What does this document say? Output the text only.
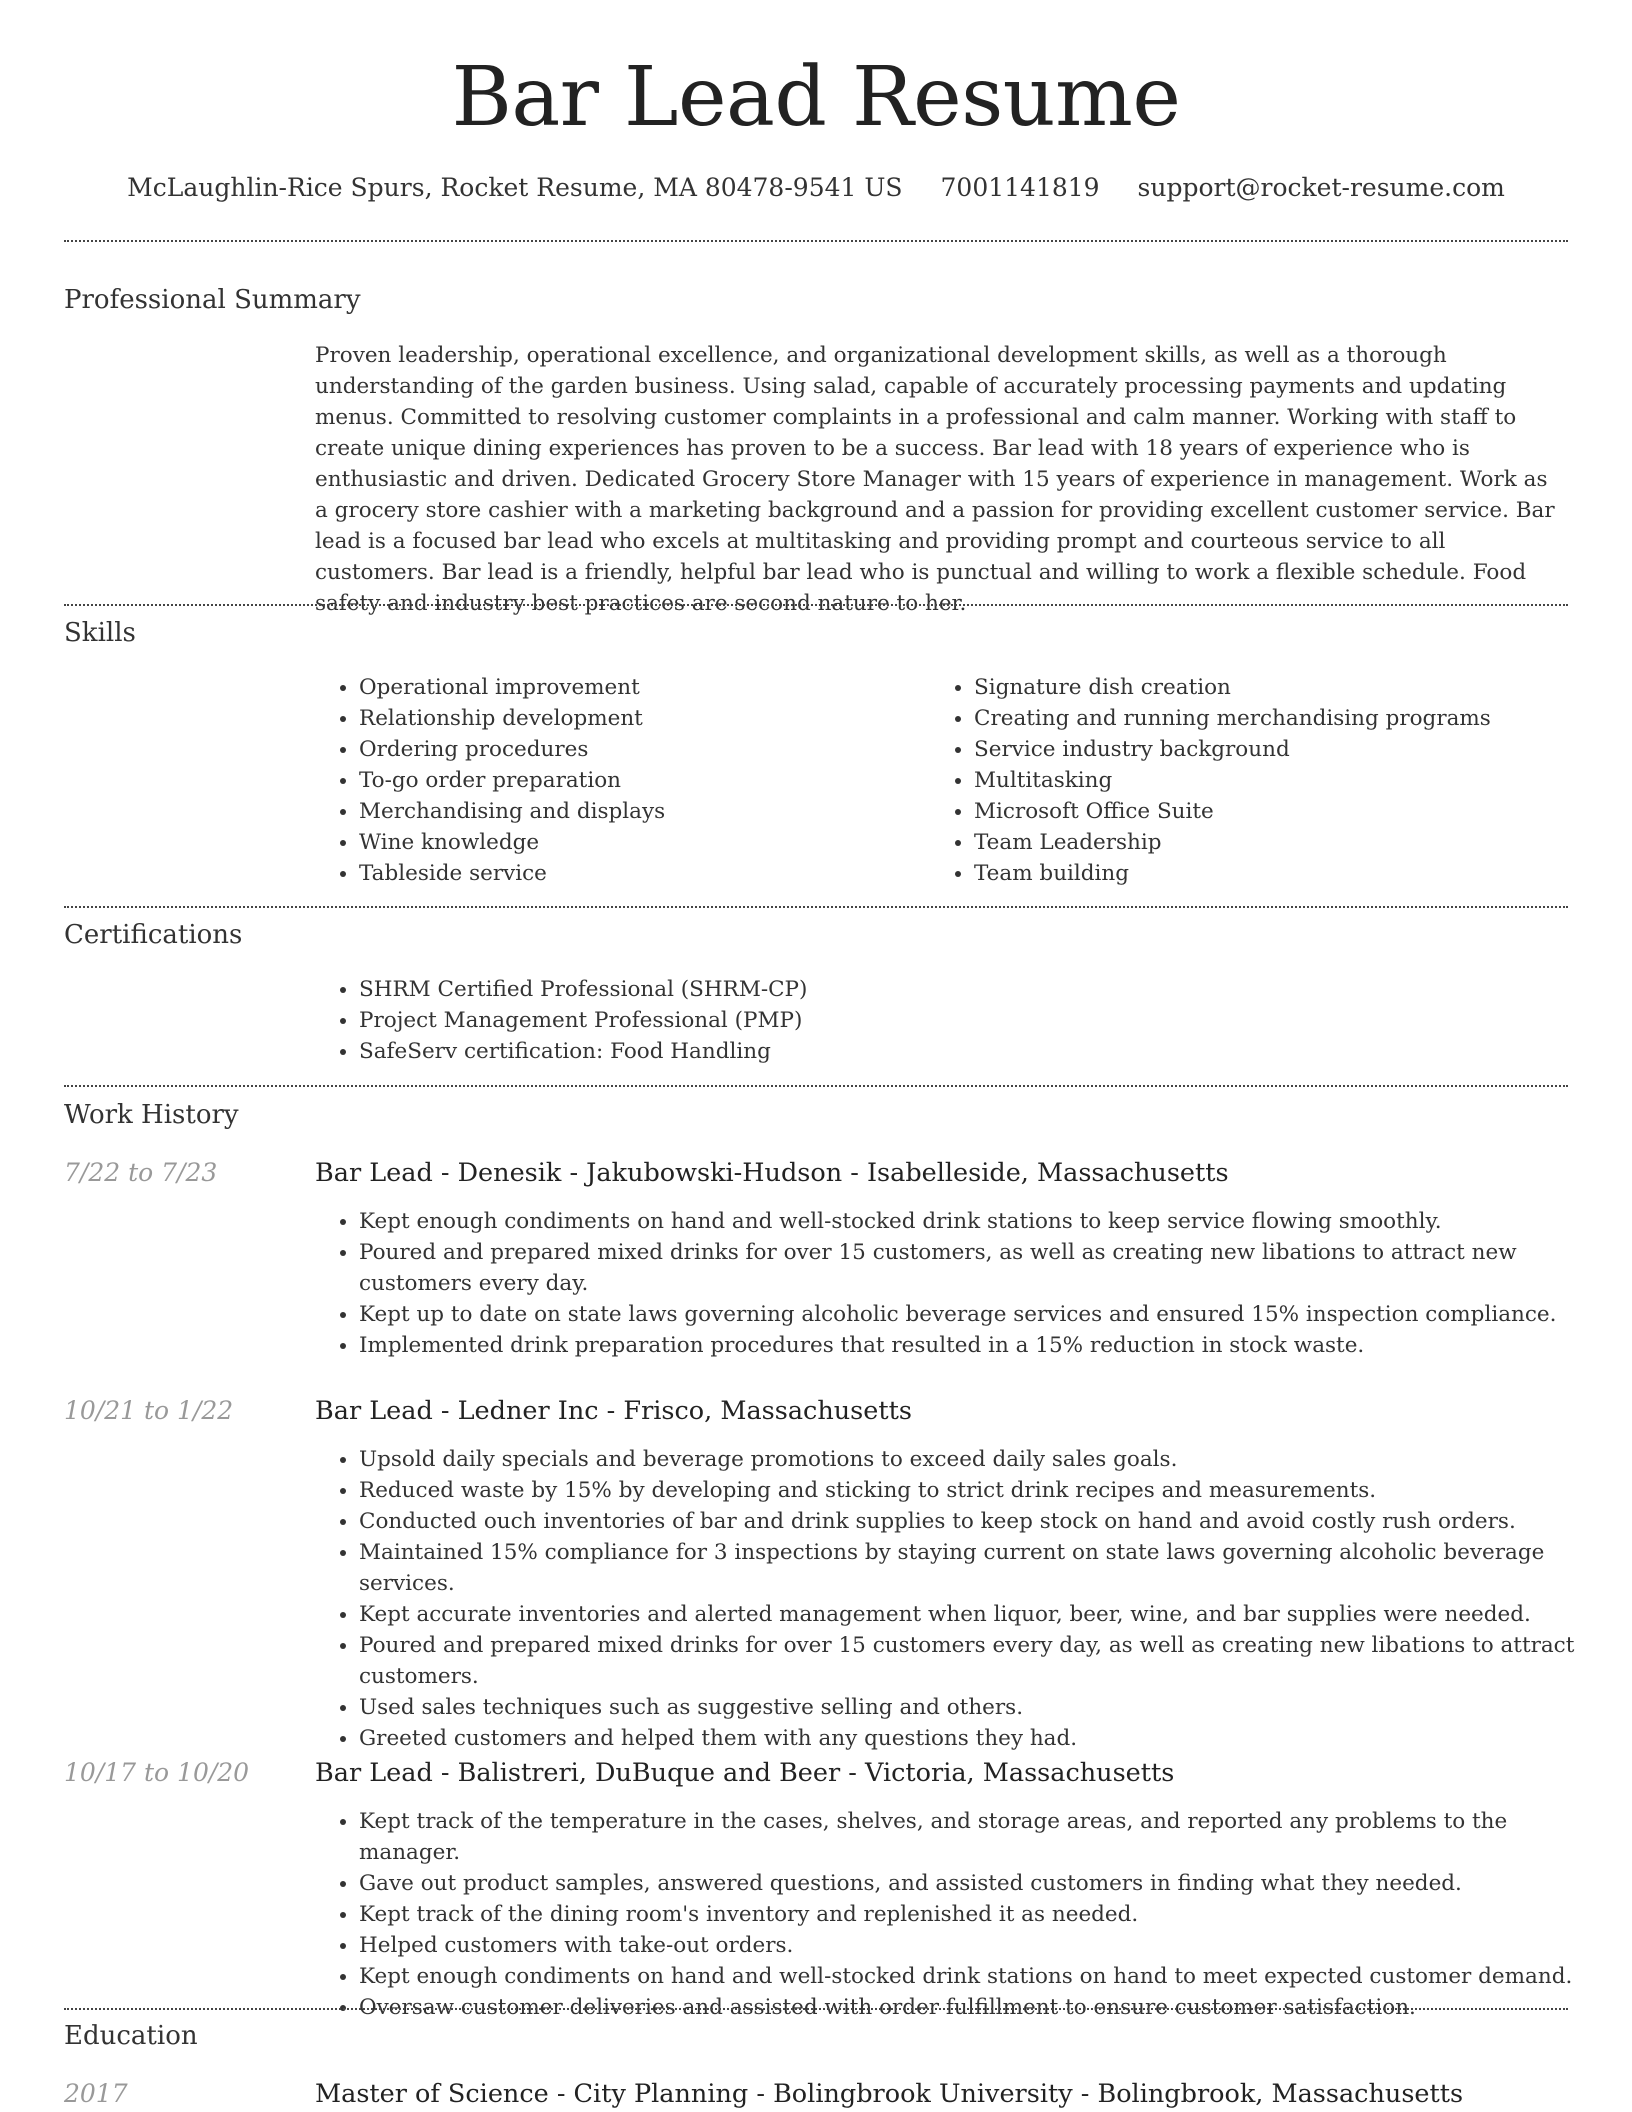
Bar Lead Resume
McLaughlin-Rice Spurs, Rocket Resume, MA 80478-9541 US 7001141819 support@rocket-resume.com
Professional Summary

Proven leadership, operational excellence, and organizational development skills, as well as a thorough understanding of the garden business. Using salad, capable of accurately processing payments and updating menus. Committed to resolving customer complaints in a professional and calm manner. Working with staff to create unique dining experiences has proven to be a success. Bar lead with 18 years of experience who is enthusiastic and driven. Dedicated Grocery Store Manager with 15 years of experience in management. Work as a grocery store cashier with a marketing background and a passion for providing excellent customer service. Bar lead is a focused bar lead who excels at multitasking and providing prompt and courteous service to all customers. Bar lead is a friendly, helpful bar lead who is punctual and willing to work a flexible schedule. Food safety and industry best practices are second nature to her.

Skills
• Operational improvement
• Relationship development
• Ordering procedures
• To-go order preparation
• Merchandising and displays
• Wine knowledge
• Tableside service
• Signature dish creation
• Creating and running merchandising programs
• Service industry background
• Multitasking
• Microsoft Office Suite
• Team Leadership
• Team building
Certifications
• SHRM Certified Professional (SHRM-CP)
• Project Management Professional (PMP)
• SafeServ certification: Food Handling
Work History
7/22 to 7/23	Bar Lead - Denesik - Jakubowski-Hudson - Isabelleside, Massachusetts
• Kept enough condiments on hand and well-stocked drink stations to keep service flowing smoothly.
• Poured and prepared mixed drinks for over 15 customers, as well as creating new libations to attract new customers every day.
• Kept up to date on state laws governing alcoholic beverage services and ensured 15% inspection compliance.
• Implemented drink preparation procedures that resulted in a 15% reduction in stock waste.
10/21 to 1/22	Bar Lead - Ledner Inc - Frisco, Massachusetts
• Upsold daily specials and beverage promotions to exceed daily sales goals.
• Reduced waste by 15% by developing and sticking to strict drink recipes and measurements.
• Conducted ouch inventories of bar and drink supplies to keep stock on hand and avoid costly rush orders.
• Maintained 15% compliance for 3 inspections by staying current on state laws governing alcoholic beverage services.
• Kept accurate inventories and alerted management when liquor, beer, wine, and bar supplies were needed.
• Poured and prepared mixed drinks for over 15 customers every day, as well as creating new libations to attract customers.
• Used sales techniques such as suggestive selling and others.
• Greeted customers and helped them with any questions they had.
10/17 to 10/20	Bar Lead - Balistreri, DuBuque and Beer - Victoria, Massachusetts
• Kept track of the temperature in the cases, shelves, and storage areas, and reported any problems to the manager.
• Gave out product samples, answered questions, and assisted customers in finding what they needed.
• Kept track of the dining room's inventory and replenished it as needed.
• Helped customers with take-out orders.
• Kept enough condiments on hand and well-stocked drink stations on hand to meet expected customer demand.
• Oversaw customer deliveries and assisted with order fulfillment to ensure customer satisfaction.
Education
2017	Master of Science - City Planning - Bolingbrook University - Bolingbrook, Massachusetts
